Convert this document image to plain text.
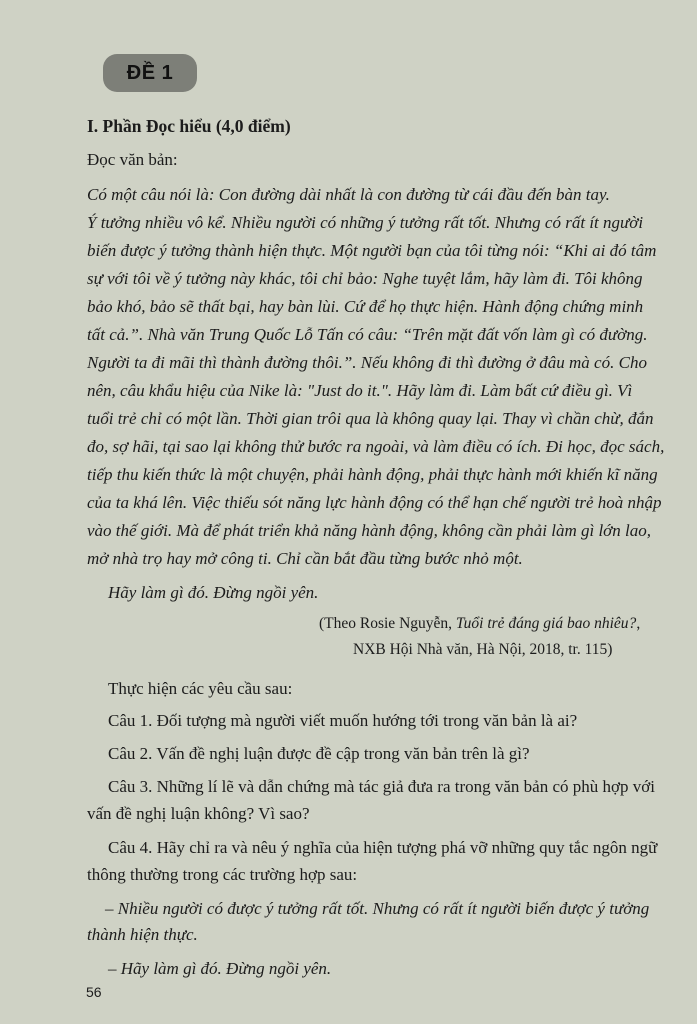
ĐỀ 1
I. Phần Đọc hiểu (4,0 điểm)
Đọc văn bản:
Có một câu nói là: Con đường dài nhất là con đường từ cái đầu đến bàn tay.
Ý tưởng nhiều vô kể. Nhiều người có những ý tưởng rất tốt. Nhưng có rất ít người
biến được ý tưởng thành hiện thực. Một người bạn của tôi từng nói: “Khi ai đó tâm
sự với tôi về ý tưởng này khác, tôi chỉ bảo: Nghe tuyệt lắm, hãy làm đi. Tôi không
bảo khó, bảo sẽ thất bại, hay bàn lùi. Cứ để họ thực hiện. Hành động chứng minh
tất cả.”. Nhà văn Trung Quốc Lỗ Tấn có câu: “Trên mặt đất vốn làm gì có đường.
Người ta đi mãi thì thành đường thôi.”. Nếu không đi thì đường ở đâu mà có. Cho
nên, câu khẩu hiệu của Nike là: "Just do it.". Hãy làm đi. Làm bất cứ điều gì. Vì
tuổi trẻ chỉ có một lần. Thời gian trôi qua là không quay lại. Thay vì chần chừ, đắn
đo, sợ hãi, tại sao lại không thử bước ra ngoài, và làm điều có ích. Đi học, đọc sách,
tiếp thu kiến thức là một chuyện, phải hành động, phải thực hành mới khiến kĩ năng
của ta khá lên. Việc thiếu sót năng lực hành động có thể hạn chế người trẻ hoà nhập
vào thế giới. Mà để phát triển khả năng hành động, không cần phải làm gì lớn lao,
mở nhà trọ hay mở công ti. Chỉ cần bắt đầu từng bước nhỏ một.
Hãy làm gì đó. Đừng ngồi yên.
(Theo Rosie Nguyễn, Tuổi trẻ đáng giá bao nhiêu?,
NXB Hội Nhà văn, Hà Nội, 2018, tr. 115)
Thực hiện các yêu cầu sau:
Câu 1. Đối tượng mà người viết muốn hướng tới trong văn bản là ai?
Câu 2. Vấn đề nghị luận được đề cập trong văn bản trên là gì?
Câu 3. Những lí lẽ và dẫn chứng mà tác giả đưa ra trong văn bản có phù hợp với
vấn đề nghị luận không? Vì sao?
Câu 4. Hãy chỉ ra và nêu ý nghĩa của hiện tượng phá vỡ những quy tắc ngôn ngữ
thông thường trong các trường hợp sau:
– Nhiều người có được ý tưởng rất tốt. Nhưng có rất ít người biến được ý tưởng
thành hiện thực.
– Hãy làm gì đó. Đừng ngồi yên.
56
